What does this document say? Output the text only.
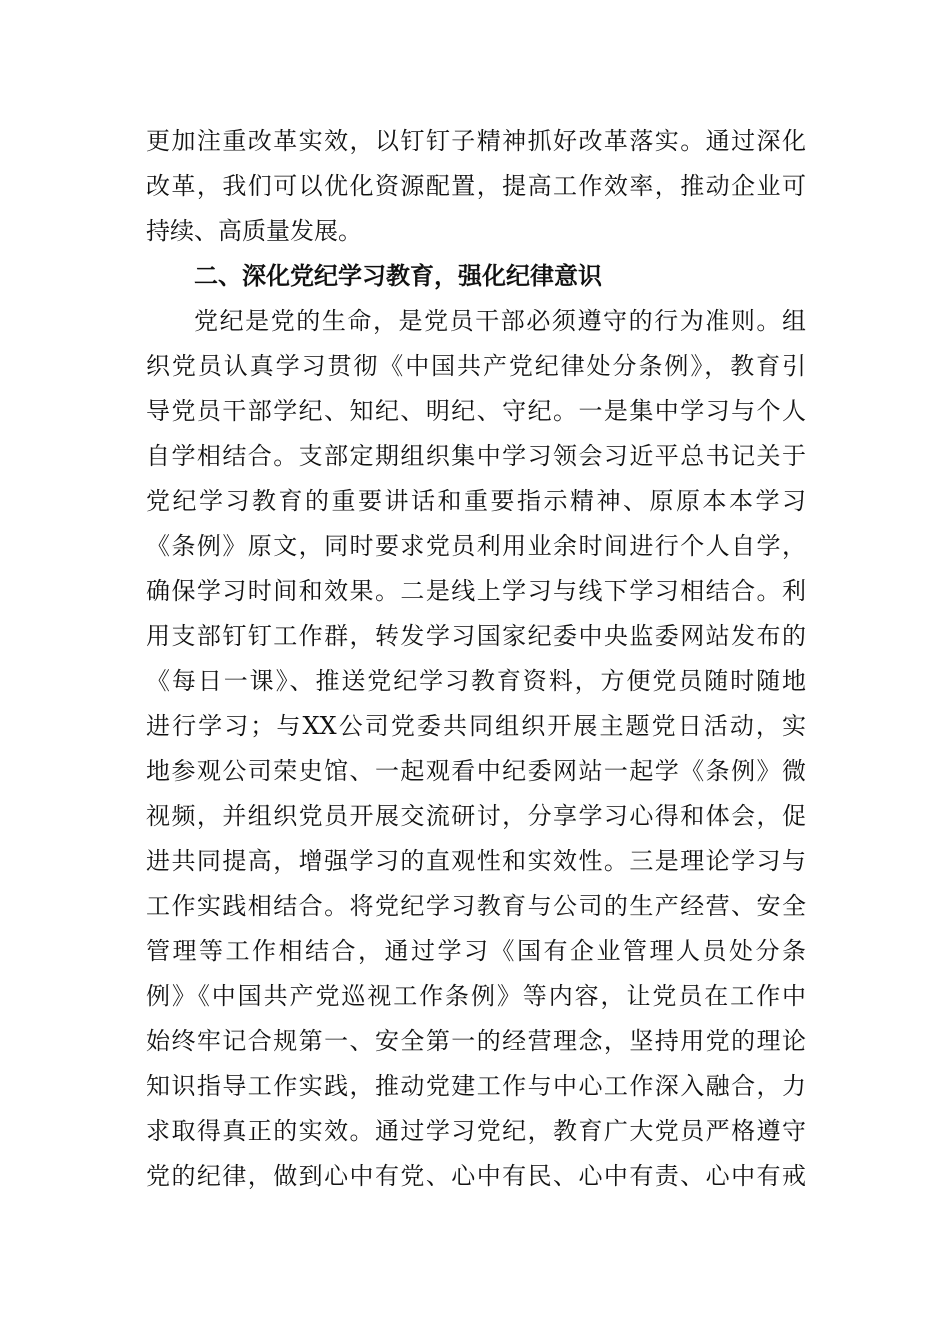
更加注重改革实效，以钉钉子精神抓好改革落实。通过深化
改革，我们可以优化资源配置，提高工作效率，推动企业可
持续、高质量发展。
二、深化党纪学习教育，强化纪律意识
党纪是党的生命，是党员干部必须遵守的行为准则。组
织党员认真学习贯彻《中国共产党纪律处分条例》，教育引
导党员干部学纪、知纪、明纪、守纪。一是集中学习与个人
自学相结合。支部定期组织集中学习领会习近平总书记关于
党纪学习教育的重要讲话和重要指示精神、原原本本学习
《条例》原文，同时要求党员利用业余时间进行个人自学，
确保学习时间和效果。二是线上学习与线下学习相结合。利
用支部钉钉工作群，转发学习国家纪委中央监委网站发布的
《每日一课》、推送党纪学习教育资料，方便党员随时随地
进行学习；与XX公司党委共同组织开展主题党日活动，实
地参观公司荣史馆、一起观看中纪委网站一起学《条例》微
视频，并组织党员开展交流研讨，分享学习心得和体会，促
进共同提高，增强学习的直观性和实效性。三是理论学习与
工作实践相结合。将党纪学习教育与公司的生产经营、安全
管理等工作相结合，通过学习《国有企业管理人员处分条
例》《中国共产党巡视工作条例》等内容，让党员在工作中
始终牢记合规第一、安全第一的经营理念，坚持用党的理论
知识指导工作实践，推动党建工作与中心工作深入融合，力
求取得真正的实效。通过学习党纪，教育广大党员严格遵守
党的纪律，做到心中有党、心中有民、心中有责、心中有戒
